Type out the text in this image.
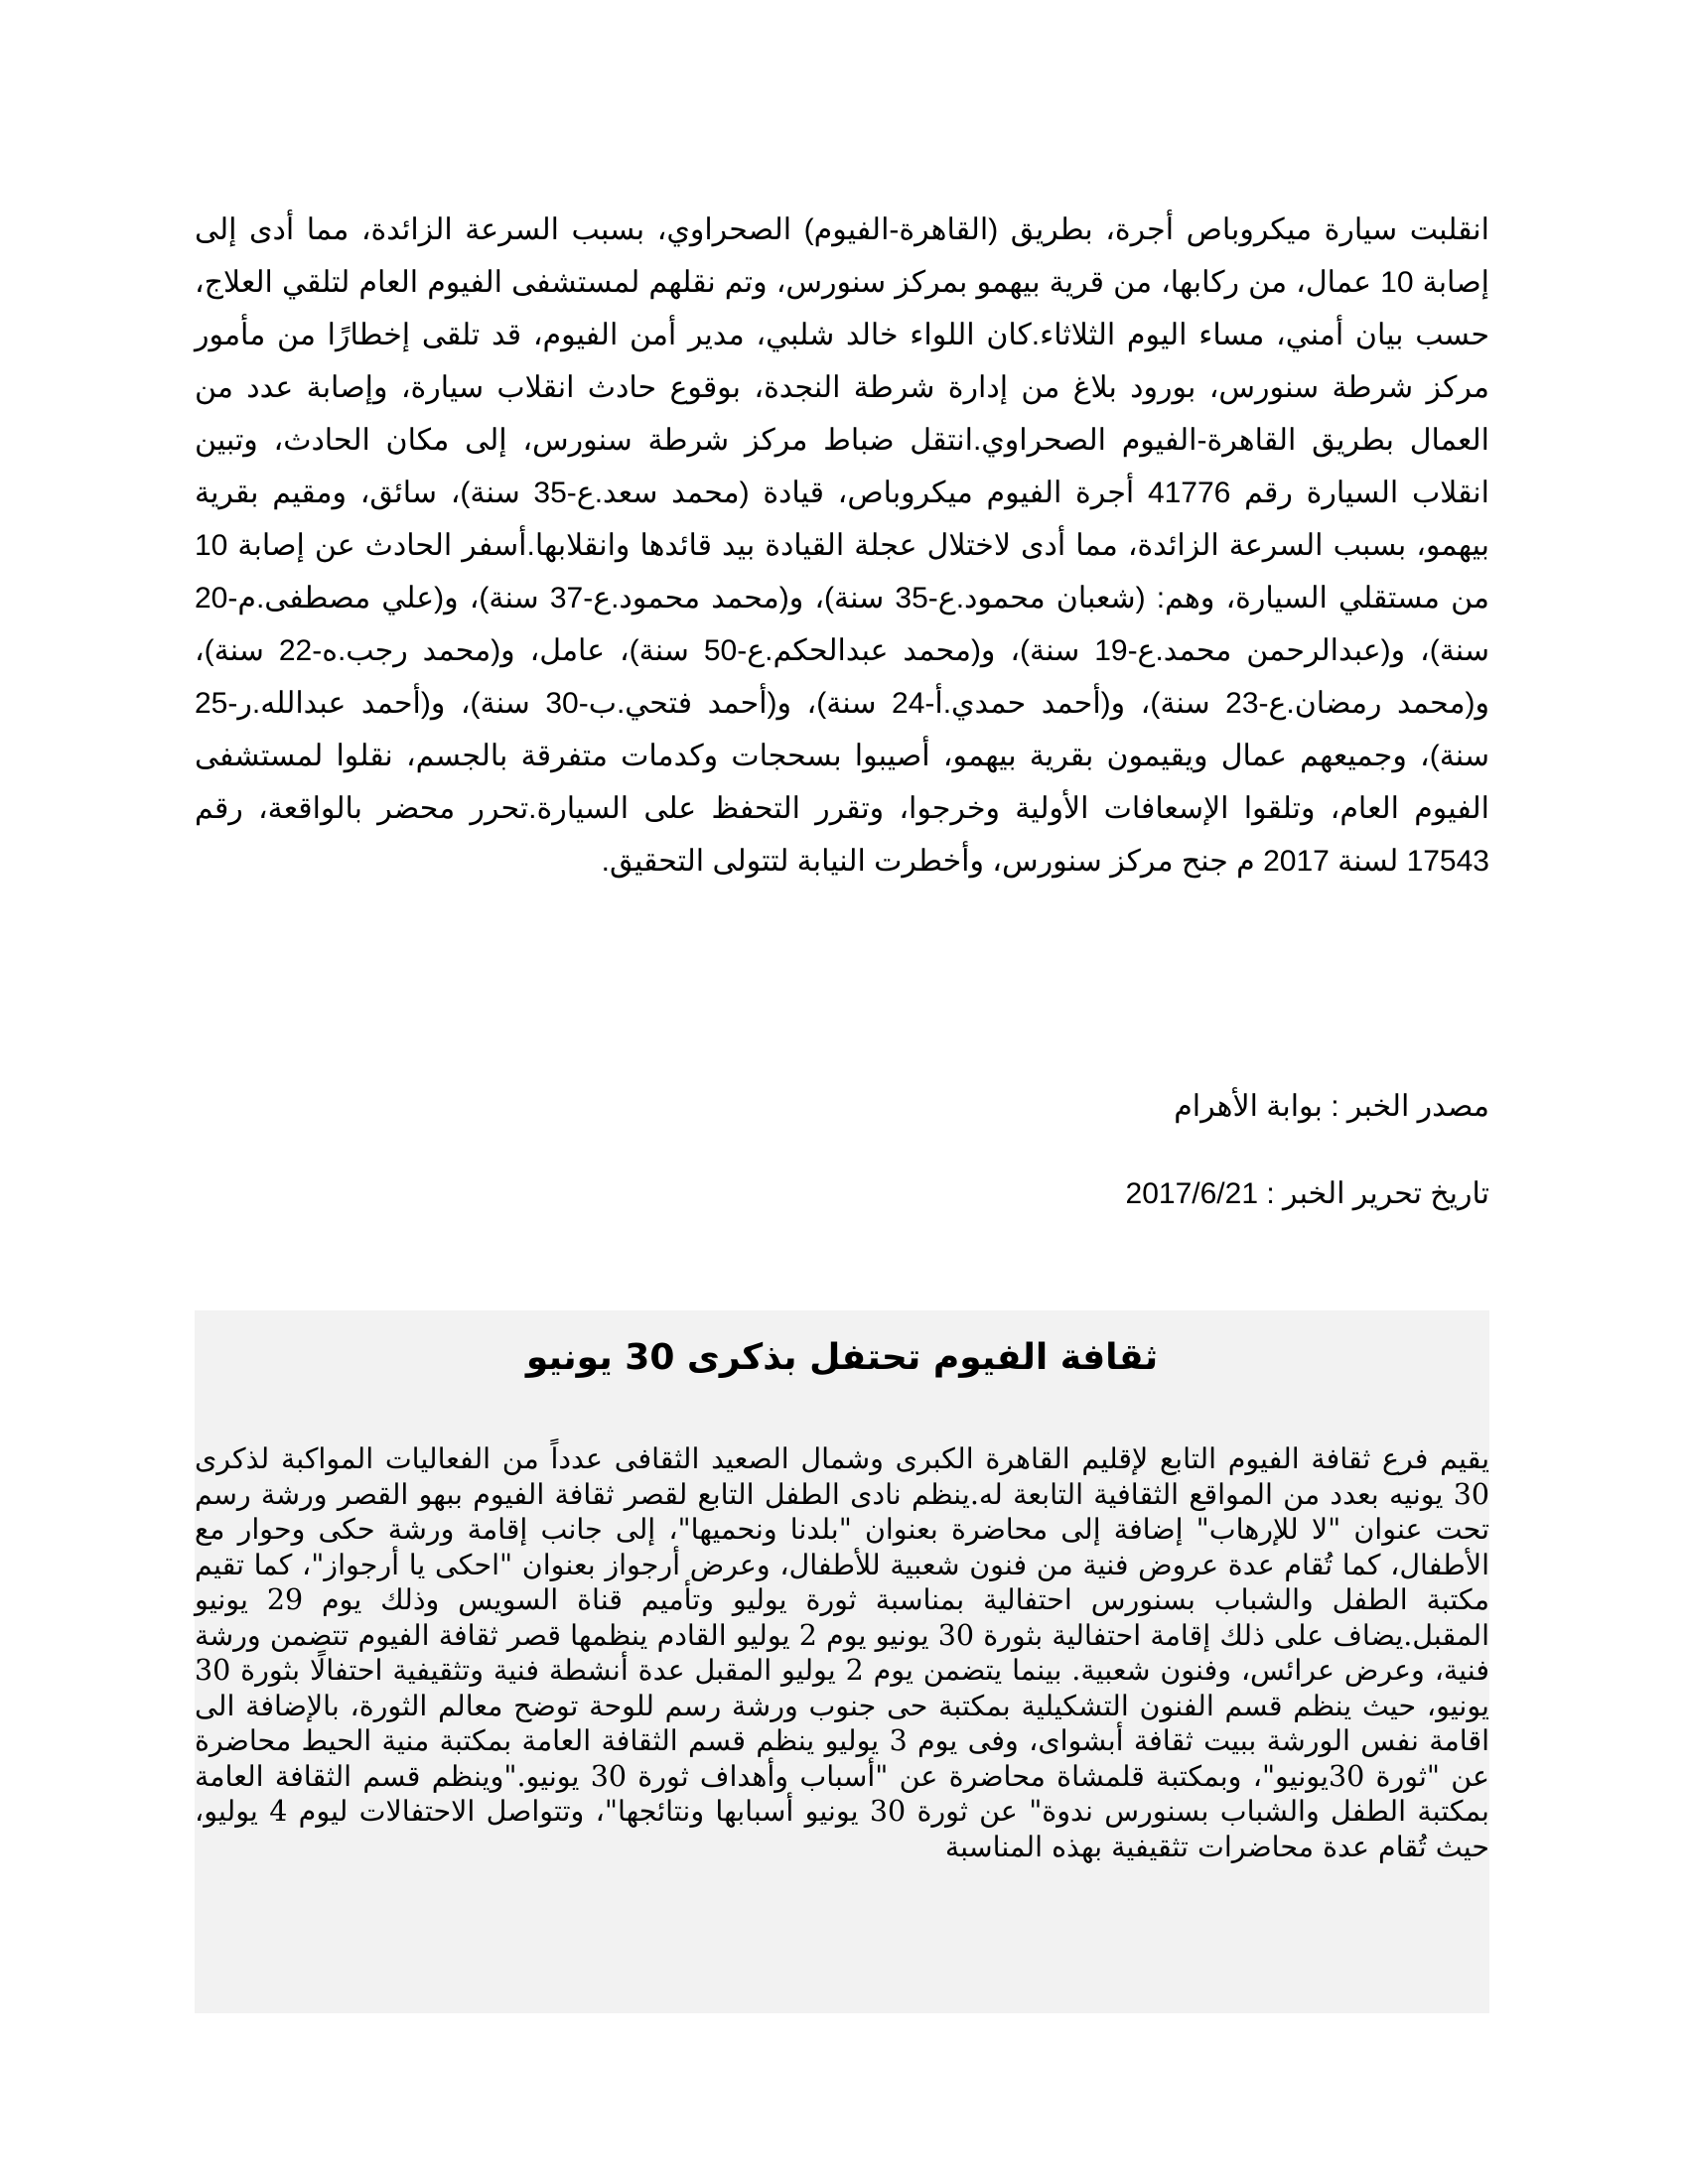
انقلبت سيارة ميكروباص أجرة، بطريق (القاهرة-الفيوم) الصحراوي، بسبب السرعة الزائدة، مما أدى إلى إصابة 10 عمال، من ركابها، من قرية بيهمو بمركز سنورس، وتم نقلهم لمستشفى الفيوم العام لتلقي العلاج، حسب بيان أمني، مساء اليوم الثلاثاء.كان اللواء خالد شلبي، مدير أمن الفيوم، قد تلقى إخطارًا من مأمور مركز شرطة سنورس، بورود بلاغ من إدارة شرطة النجدة، بوقوع حادث انقلاب سيارة، وإصابة عدد من العمال بطريق القاهرة-الفيوم الصحراوي.انتقل ضباط مركز شرطة سنورس، إلى مكان الحادث، وتبين انقلاب السيارة رقم 41776 أجرة الفيوم ميكروباص، قيادة (محمد سعد.ع-35 سنة)، سائق، ومقيم بقرية بيهمو، بسبب السرعة الزائدة، مما أدى لاختلال عجلة القيادة بيد قائدها وانقلابها.أسفر الحادث عن إصابة 10 من مستقلي السيارة، وهم: (شعبان محمود.ع-35 سنة)، و(محمد محمود.ع-37 سنة)، و(علي مصطفى.م-20 سنة)، و(عبدالرحمن محمد.ع-19 سنة)، و(محمد عبدالحكم.ع-50 سنة)، عامل، و(محمد رجب.ه-22 سنة)، و(محمد رمضان.ع-23 سنة)، و(أحمد حمدي.أ-24 سنة)، و(أحمد فتحي.ب-30 سنة)، و(أحمد عبدالله.ر-25 سنة)، وجميعهم عمال ويقيمون بقرية بيهمو، أصيبوا بسحجات وكدمات متفرقة بالجسم، نقلوا لمستشفى الفيوم العام، وتلقوا الإسعافات الأولية وخرجوا، وتقرر التحفظ على السيارة.تحرر محضر بالواقعة، رقم 17543 لسنة 2017 م جنح مركز سنورس، وأخطرت النيابة لتتولى التحقيق.

مصدر الخبر : بوابة الأهرام

تاريخ تحرير الخبر : 2017/6/21

ثقافة الفيوم تحتفل بذكرى 30 يونيو

يقيم فرع ثقافة الفيوم التابع لإقليم القاهرة الكبرى وشمال الصعيد الثقافى عدداً من الفعاليات المواكبة لذكرى 30 يونيه بعدد من المواقع الثقافية التابعة له.ينظم نادى الطفل التابع لقصر ثقافة الفيوم ببهو القصر ورشة رسم تحت عنوان "لا للإرهاب" إضافة إلى محاضرة بعنوان "بلدنا ونحميها"، إلى جانب إقامة ورشة حكى وحوار مع الأطفال، كما تُقام عدة عروض فنية من فنون شعبية للأطفال، وعرض أرجواز بعنوان "احكى يا أرجواز"، كما تقيم مكتبة الطفل والشباب بسنورس احتفالية بمناسبة ثورة يوليو وتأميم قناة السويس وذلك يوم 29 يونيو المقبل.يضاف على ذلك إقامة احتفالية بثورة 30 يونيو يوم 2 يوليو القادم ينظمها قصر ثقافة الفيوم تتضمن ورشة فنية، وعرض عرائس، وفنون شعبية. بينما يتضمن يوم 2 يوليو المقبل عدة أنشطة فنية وتثقيفية احتفالًا بثورة 30 يونيو، حيث ينظم قسم الفنون التشكيلية بمكتبة حى جنوب ورشة رسم للوحة توضح معالم الثورة، بالإضافة الى اقامة نفس الورشة ببيت ثقافة أبشواى، وفى يوم 3 يوليو ينظم قسم الثقافة العامة بمكتبة منية الحيط محاضرة عن "ثورة 30يونيو"، وبمكتبة قلمشاة محاضرة عن "أسباب وأهداف ثورة 30 يونيو."وينظم قسم الثقافة العامة بمكتبة الطفل والشباب بسنورس ندوة" عن ثورة 30 يونيو أسبابها ونتائجها"، وتتواصل الاحتفالات ليوم 4 يوليو، حيث تُقام عدة محاضرات تثقيفية بهذه المناسبة
